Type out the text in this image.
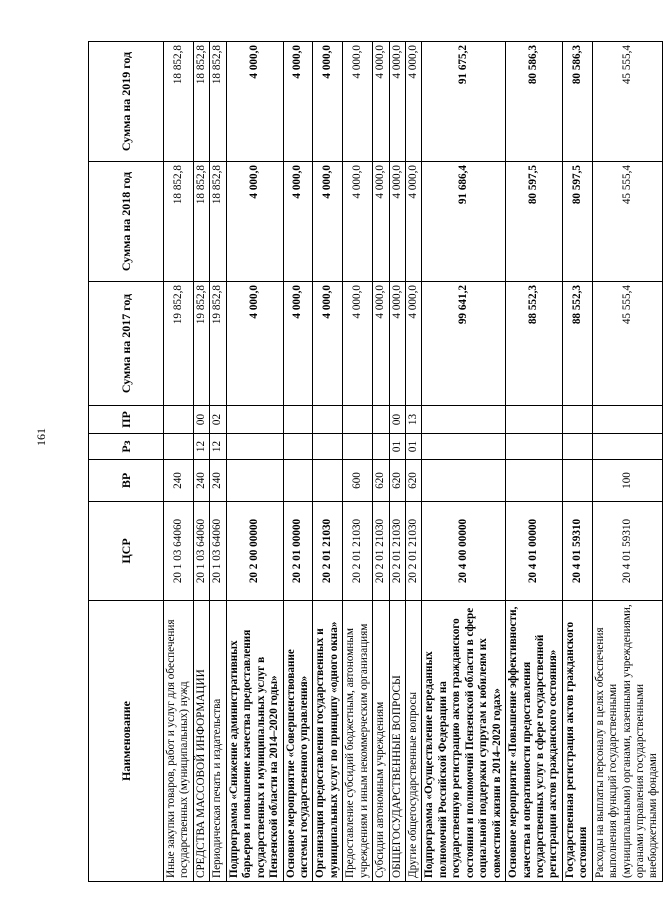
161
Наименование	ЦСР	ВР	Рз	ПР	Сумма на 2017 год	Сумма на 2018 год	Сумма на 2019 год
Иные закупки товаров, работ и услуг для обеспечения государственных (муниципальных) нужд	20 1 03 64060	240			19 852,8	18 852,8	18 852,8
СРЕДСТВА МАССОВОЙ ИНФОРМАЦИИ	20 1 03 64060	240	12	00	19 852,8	18 852,8	18 852,8
Периодическая печать и издательства	20 1 03 64060	240	12	02	19 852,8	18 852,8	18 852,8
Подпрограмма «Снижение административных барьеров и повышение качества предоставления государственных и муниципальных услуг в Пензенской области на 2014–2020 годы»	20 2 00 00000				4 000,0	4 000,0	4 000,0
Основное мероприятие «Совершенствование системы государственного управления»	20 2 01 00000				4 000,0	4 000,0	4 000,0
Организация предоставления государственных и муниципальных услуг по принципу «одного окна»	20 2 01 21030				4 000,0	4 000,0	4 000,0
Предоставление субсидий бюджетным, автономным учреждениям и иным некоммерческим организациям	20 2 01 21030	600			4 000,0	4 000,0	4 000,0
Субсидии автономным учреждениям	20 2 01 21030	620			4 000,0	4 000,0	4 000,0
ОБЩЕГОСУДАРСТВЕННЫЕ ВОПРОСЫ	20 2 01 21030	620	01	00	4 000,0	4 000,0	4 000,0
Другие общегосударственные вопросы	20 2 01 21030	620	01	13	4 000,0	4 000,0	4 000,0
Подпрограмма «Осуществление переданных полномочий Российской Федерации на государственную регистрацию актов гражданского состояния и полномочий Пензенской области в сфере социальной поддержки супругам к юбилеям их совместной жизни в 2014–2020 годах»	20 4 00 00000				99 641,2	91 686,4	91 675,2
Основное мероприятие «Повышение эффективности, качества и оперативности предоставления государственных услуг в сфере государственной регистрации актов гражданского состояния»	20 4 01 00000				88 552,3	80 597,5	80 586,3
Государственная регистрация актов гражданского состояния	20 4 01 59310				88 552,3	80 597,5	80 586,3
Расходы на выплаты персоналу в целях обеспечения выполнения функций государственными (муниципальными) органами, казенными учреждениями, органами управления государственными внебюджетными фондами	20 4 01 59310	100			45 555,4	45 555,4	45 555,4
